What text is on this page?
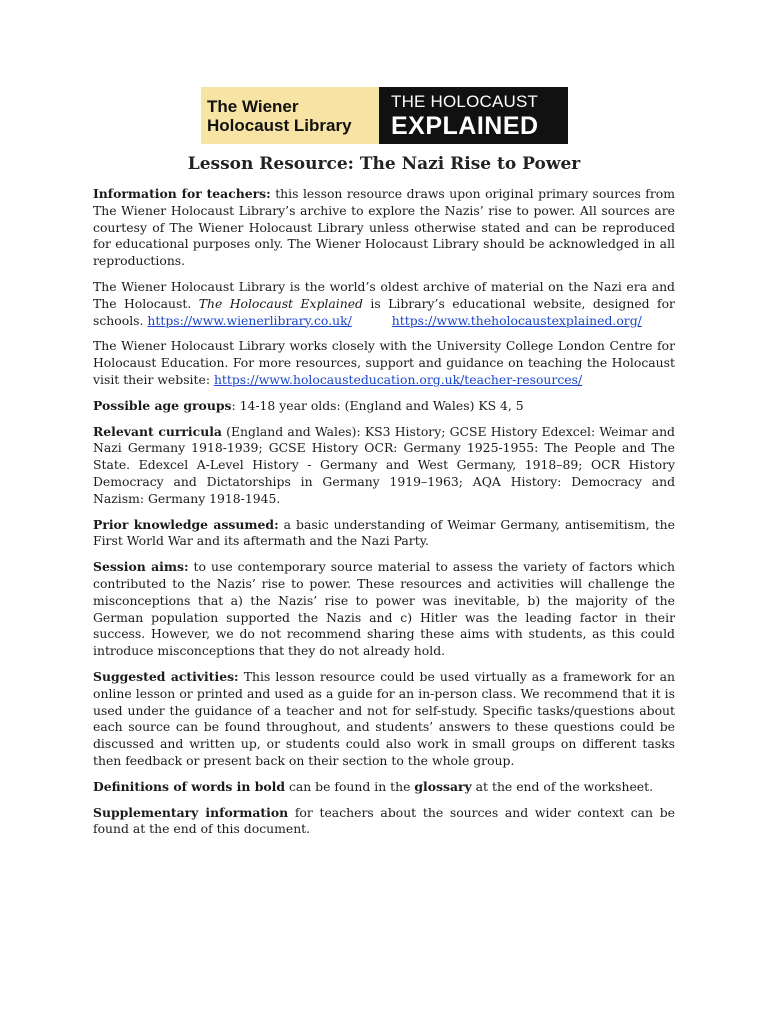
The Wiener
Holocaust Library
THE HOLOCAUST
EXPLAINED
Lesson Resource: The Nazi Rise to Power

Information for teachers: this lesson resource draws upon original primary sources from The Wiener Holocaust Library’s archive to explore the Nazis’ rise to power. All sources are courtesy of The Wiener Holocaust Library unless otherwise stated and can be reproduced for educational purposes only. The Wiener Holocaust Library should be acknowledged in all reproductions.

The Wiener Holocaust Library is the world’s oldest archive of material on the Nazi era and The Holocaust. The Holocaust Explained is Library’s educational website, designed for schools. https://www.wienerlibrary.co.uk/	https://www.theholocaustexplained.org/

The Wiener Holocaust Library works closely with the University College London Centre for Holocaust Education. For more resources, support and guidance on teaching the Holocaust visit their website: https://www.holocausteducation.org.uk/teacher-resources/

Possible age groups: 14-18 year olds: (England and Wales) KS 4, 5

Relevant curricula (England and Wales): KS3 History; GCSE History Edexcel: Weimar and Nazi Germany 1918-1939; GCSE History OCR: Germany 1925-1955: The People and The State. Edexcel A-Level History - Germany and West Germany, 1918–89; OCR History Democracy and Dictatorships in Germany 1919–1963; AQA History: Democracy and Nazism: Germany 1918-1945.

Prior knowledge assumed: a basic understanding of Weimar Germany, antisemitism, the First World War and its aftermath and the Nazi Party.

Session aims: to use contemporary source material to assess the variety of factors which contributed to the Nazis’ rise to power. These resources and activities will challenge the misconceptions that a) the Nazis’ rise to power was inevitable, b) the majority of the German population supported the Nazis and c) Hitler was the leading factor in their success. However, we do not recommend sharing these aims with students, as this could introduce misconceptions that they do not already hold.

Suggested activities: This lesson resource could be used virtually as a framework for an online lesson or printed and used as a guide for an in-person class. We recommend that it is used under the guidance of a teacher and not for self-study. Specific tasks/questions about each source can be found throughout, and students’ answers to these questions could be discussed and written up, or students could also work in small groups on different tasks then feedback or present back on their section to the whole group.

Definitions of words in bold can be found in the glossary at the end of the worksheet.

Supplementary information for teachers about the sources and wider context can be found at the end of this document.
